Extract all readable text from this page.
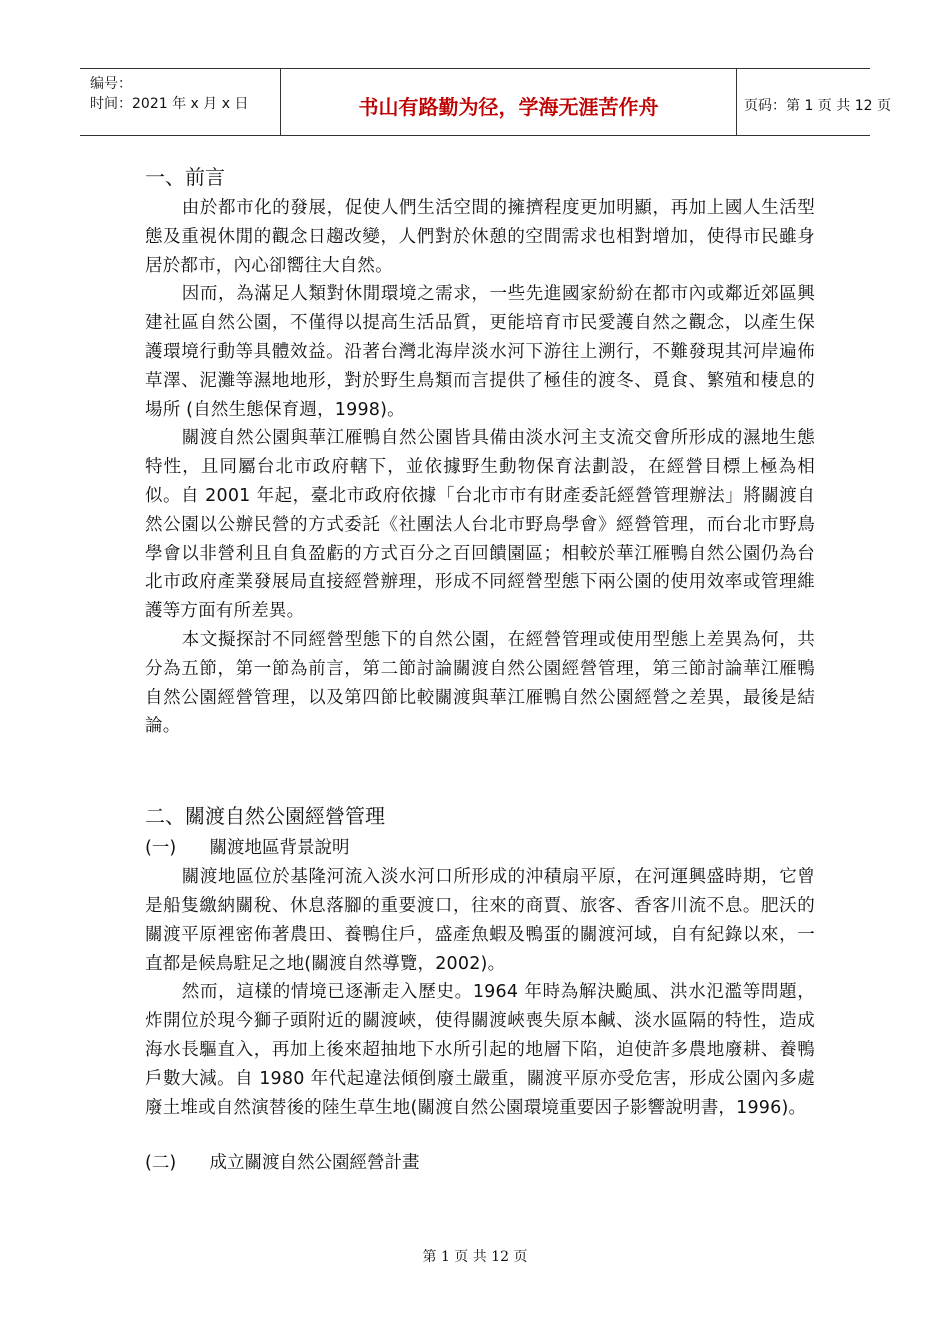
编号：
时间：2021 年 x 月 x 日	书山有路勤为径，学海无涯苦作舟	页码：第 1 页 共 12 页

一、前言

由於都市化的發展，促使人們生活空間的擁擠程度更加明顯，再加上國人生活型態及重視休閒的觀念日趨改變，人們對於休憩的空間需求也相對增加，使得市民雖身居於都市，內心卻嚮往大自然。

因而，為滿足人類對休閒環境之需求，一些先進國家紛紛在都市內或鄰近郊區興建社區自然公園，不僅得以提高生活品質，更能培育市民愛護自然之觀念，以產生保護環境行動等具體效益。沿著台灣北海岸淡水河下游往上溯行，不難發現其河岸遍佈草澤、泥灘等濕地地形，對於野生鳥類而言提供了極佳的渡冬、覓食、繁殖和棲息的場所 (自然生態保育週，1998)。

關渡自然公園與華江雁鴨自然公園皆具備由淡水河主支流交會所形成的濕地生態特性，且同屬台北市政府轄下，並依據野生動物保育法劃設，在經營目標上極為相似。自 2001 年起，臺北市政府依據「台北市市有財產委託經營管理辦法」將關渡自然公園以公辦民營的方式委託《社團法人台北市野鳥學會》經營管理，而台北市野鳥學會以非營利且自負盈虧的方式百分之百回饋園區；相較於華江雁鴨自然公園仍為台北市政府產業發展局直接經營辦理，形成不同經營型態下兩公園的使用效率或管理維護等方面有所差異。

本文擬探討不同經營型態下的自然公園，在經營管理或使用型態上差異為何，共分為五節，第一節為前言，第二節討論關渡自然公園經營管理，第三節討論華江雁鴨自然公園經營管理，以及第四節比較關渡與華江雁鴨自然公園經營之差異，最後是結論。

二、關渡自然公園經營管理

(一)      關渡地區背景說明

關渡地區位於基隆河流入淡水河口所形成的沖積扇平原，在河運興盛時期，它曾是船隻繳納關稅、休息落腳的重要渡口，往來的商賈、旅客、香客川流不息。肥沃的關渡平原裡密佈著農田、養鴨住戶，盛產魚蝦及鴨蛋的關渡河域，自有紀錄以來，一直都是候鳥駐足之地(關渡自然導覽，2002)。

然而，這樣的情境已逐漸走入歷史。1964 年時為解決颱風、洪水氾濫等問題，炸開位於現今獅子頭附近的關渡峽，使得關渡峽喪失原本鹹、淡水區隔的特性，造成海水長驅直入，再加上後來超抽地下水所引起的地層下陷，迫使許多農地廢耕、養鴨戶數大減。自 1980 年代起違法傾倒廢土嚴重，關渡平原亦受危害，形成公園內多處廢土堆或自然演替後的陸生草生地(關渡自然公園環境重要因子影響說明書，1996)。

(二)      成立關渡自然公園經營計畫

第 1 页 共 12 页
